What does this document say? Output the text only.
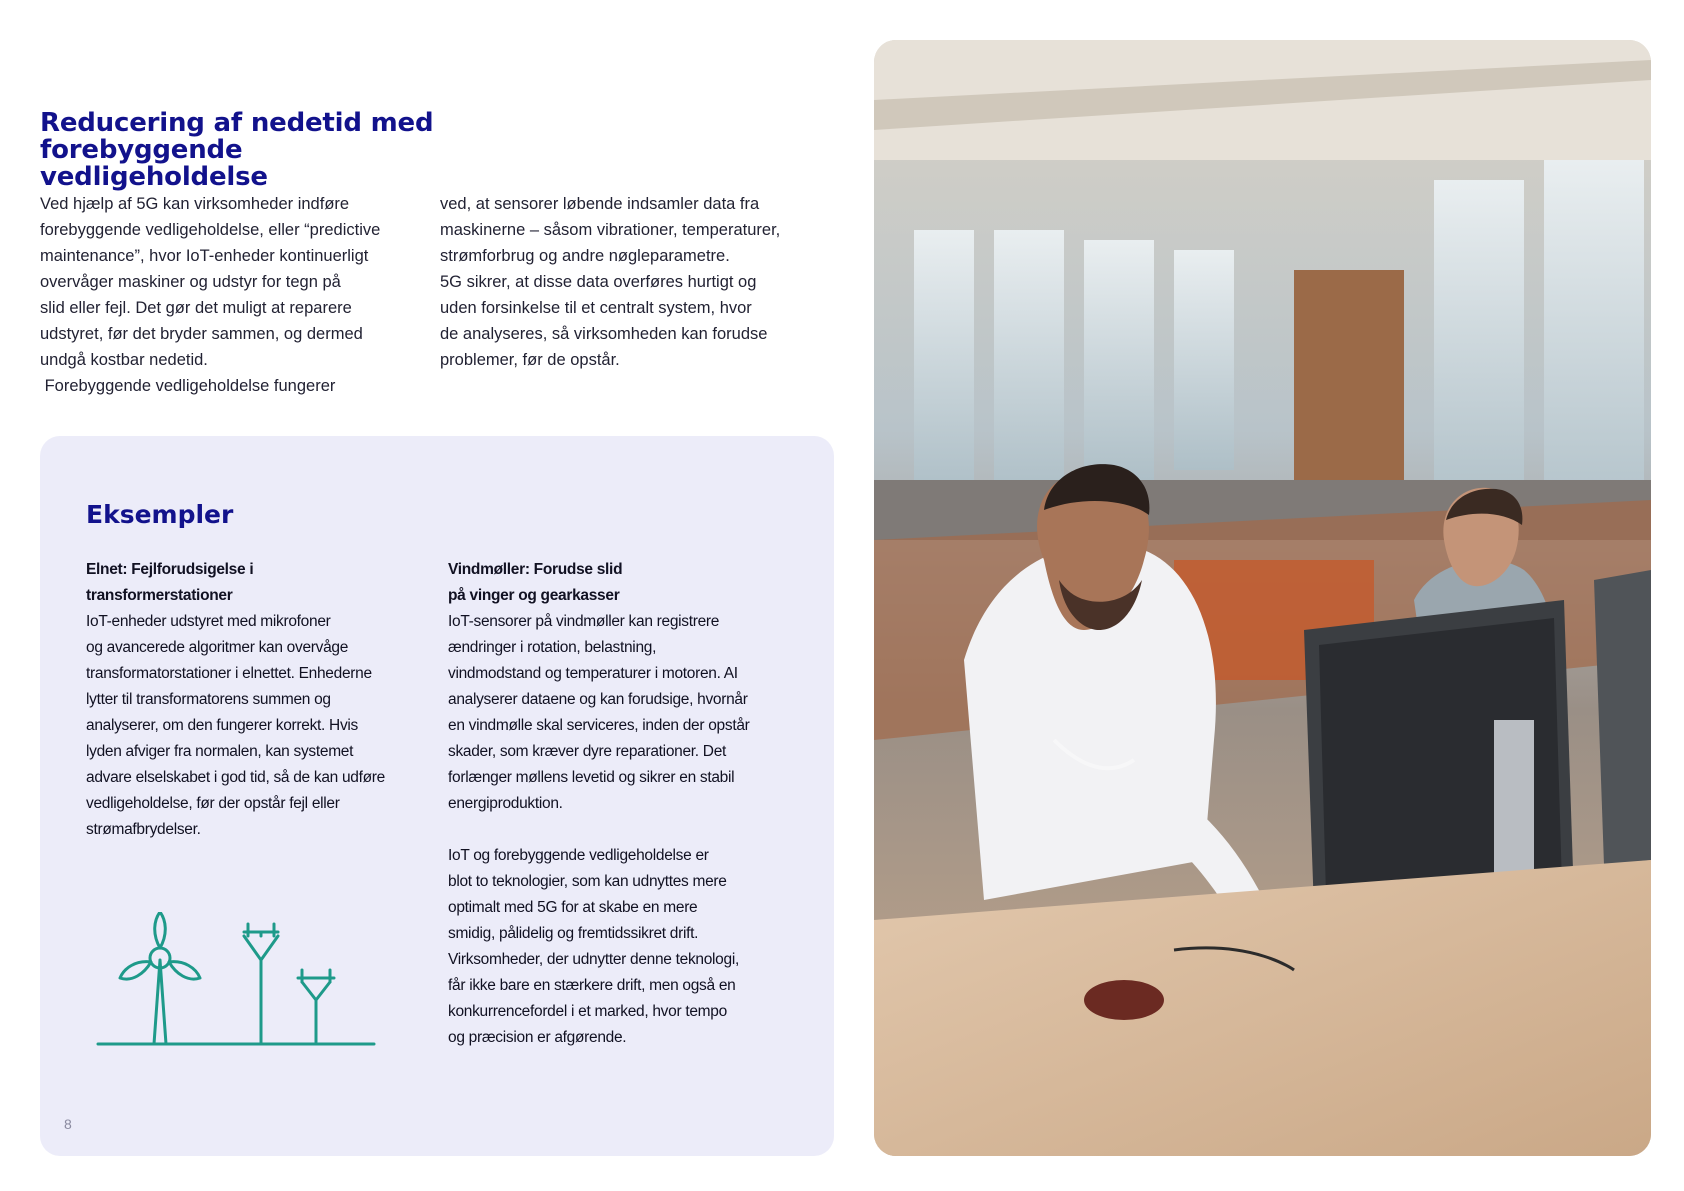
Reducering af nedetid med
forebyggende vedligeholdelse

Ved hjælp af 5G kan virksomheder indføre

forebyggende vedligeholdelse, eller “predictive

maintenance”, hvor IoT-enheder kontinuerligt

overvåger maskiner og udstyr for tegn på

slid eller fejl. Det gør det muligt at reparere

udstyret, før det bryder sammen, og dermed

undgå kostbar nedetid.

Forebyggende vedligeholdelse fungerer

ved, at sensorer løbende indsamler data fra

maskinerne – såsom vibrationer, temperaturer,

strømforbrug og andre nøgleparametre.

5G sikrer, at disse data overføres hurtigt og

uden forsinkelse til et centralt system, hvor

de analyseres, så virksomheden kan forudse

problemer, før de opstår.

Eksempler
Elnet: Fejlforudsigelse i
transformerstationer

IoT-enheder udstyret med mikrofoner

og avancerede algoritmer kan overvåge

transformatorstationer i elnettet. Enhederne

lytter til transformatorens summen og

analyserer, om den fungerer korrekt. Hvis

lyden afviger fra normalen, kan systemet

advare elselskabet i god tid, så de kan udføre

vedligeholdelse, før der opstår fejl eller

strømafbrydelser.

Vindmøller: Forudse slid
på vinger og gearkasser

IoT-sensorer på vindmøller kan registrere

ændringer i rotation, belastning,

vindmodstand og temperaturer i motoren. AI

analyserer dataene og kan forudsige, hvornår

en vindmølle skal serviceres, inden der opstår

skader, som kræver dyre reparationer. Det

forlænger møllens levetid og sikrer en stabil

energiproduktion.

IoT og forebyggende vedligeholdelse er

blot to teknologier, som kan udnyttes mere

optimalt med 5G for at skabe en mere

smidig, pålidelig og fremtidssikret drift.

Virksomheder, der udnytter denne teknologi,

får ikke bare en stærkere drift, men også en

konkurrencefordel i et marked, hvor tempo

og præcision er afgørende.

8
